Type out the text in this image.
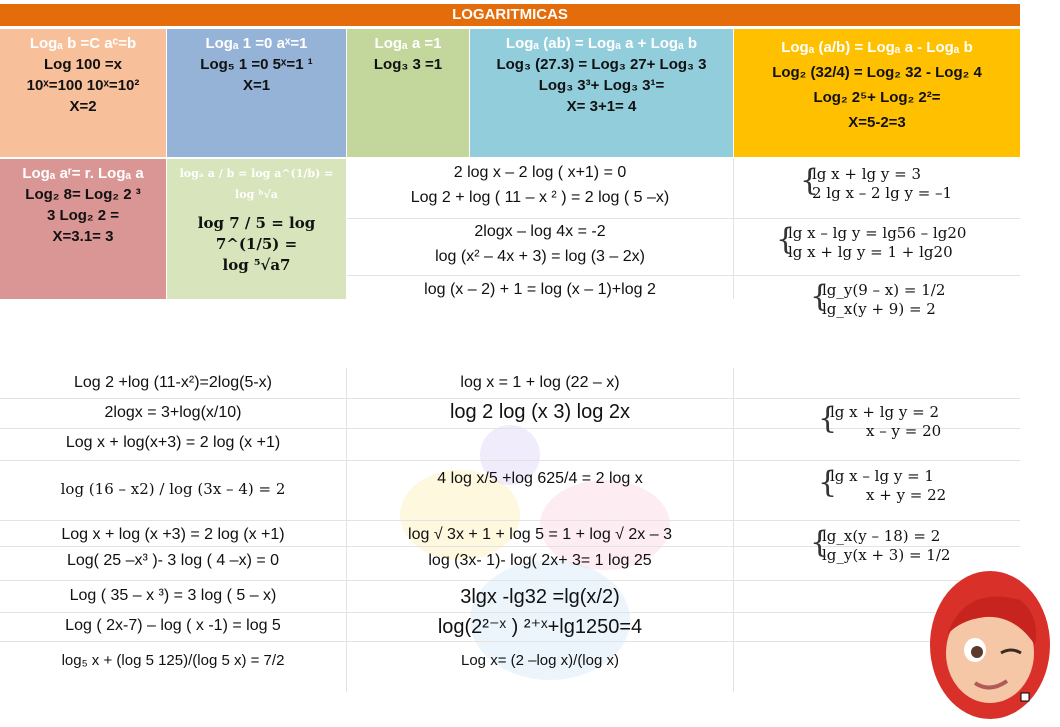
LOGARITMICAS
Logₐ b =C aᶜ=b
Log 100 =x
10ˣ=100 10ˣ=10²
X=2
Logₐ 1 =0 aˣ=1
Log₅ 1 =0 5ˣ=1 ¹
X=1
Logₐ a =1
Log₃ 3 =1
Logₐ (ab) = Logₐ a + Logₐ b
Log₃ (27.3) = Log₃ 27+ Log₃ 3
Log₃ 3³+ Log₃ 3¹=
X= 3+1= 4
Logₐ (a/b) = Logₐ a - Logₐ b
Log₂ (32/4) = Log₂ 32 - Log₂ 4
Log₂ 2⁵+ Log₂ 2²=
X=5-2=3
Logₐ aʳ= r. Logₐ a
Log₂ 8= Log₂ 2 ³
3 Log₂ 2 =
X=3.1= 3
logₐ a / b = log a^(1/b) = log ᵇ√a
log 7 / 5 = log 7^(1/5) =
log ⁵√a7
2 log x – 2 log ( x+1) = 0
Log 2 + log ( 11 – x ² ) = 2 log ( 5 –x)
2logx – log 4x = -2
log (x² – 4x + 3) = log (3 – 2x)
log (x – 2) + 1 = log (x – 1)+log 2
{
lg x + lg y = 3
2 lg x – 2 lg y = –1
{
lg x – lg y = lg56 – lg20
lg x + lg y = 1 + lg20
{
lg_y(9 – x) = 1/2
lg_x(y + 9) = 2
Log 2 +log (11-x²)=2log(5-x)
2logx = 3+log(x/10)
Log x + log(x+3) = 2 log (x +1)
log (16 – x2) / log (3x – 4) = 2
Log x + log (x +3) = 2 log (x +1)
Log( 25 –x³ )- 3 log ( 4 –x) = 0
Log ( 35 – x ³) = 3 log ( 5 – x)
Log ( 2x-7) – log ( x -1) = log 5
log₅ x + (log 5 125)/(log 5 x) = 7/2
log x = 1 + log (22 – x)
log 2 log (x 3) log 2x
4 log x/5 +log 625/4 = 2 log x
log √ 3x + 1 + log 5 = 1 + log √ 2x – 3
log (3x- 1)- log( 2x+ 3= 1 log 25
3lgx -lg32 =lg(x/2)
log(2²⁻ˣ ) ²⁺ˣ+lg1250=4
Log x= (2 –log x)/(log x)
{
lg x + lg y = 2
x – y = 20
{
lg x – lg y = 1
x + y = 22
{
lg_x(y – 18) = 2
lg_y(x + 3) = 1/2
